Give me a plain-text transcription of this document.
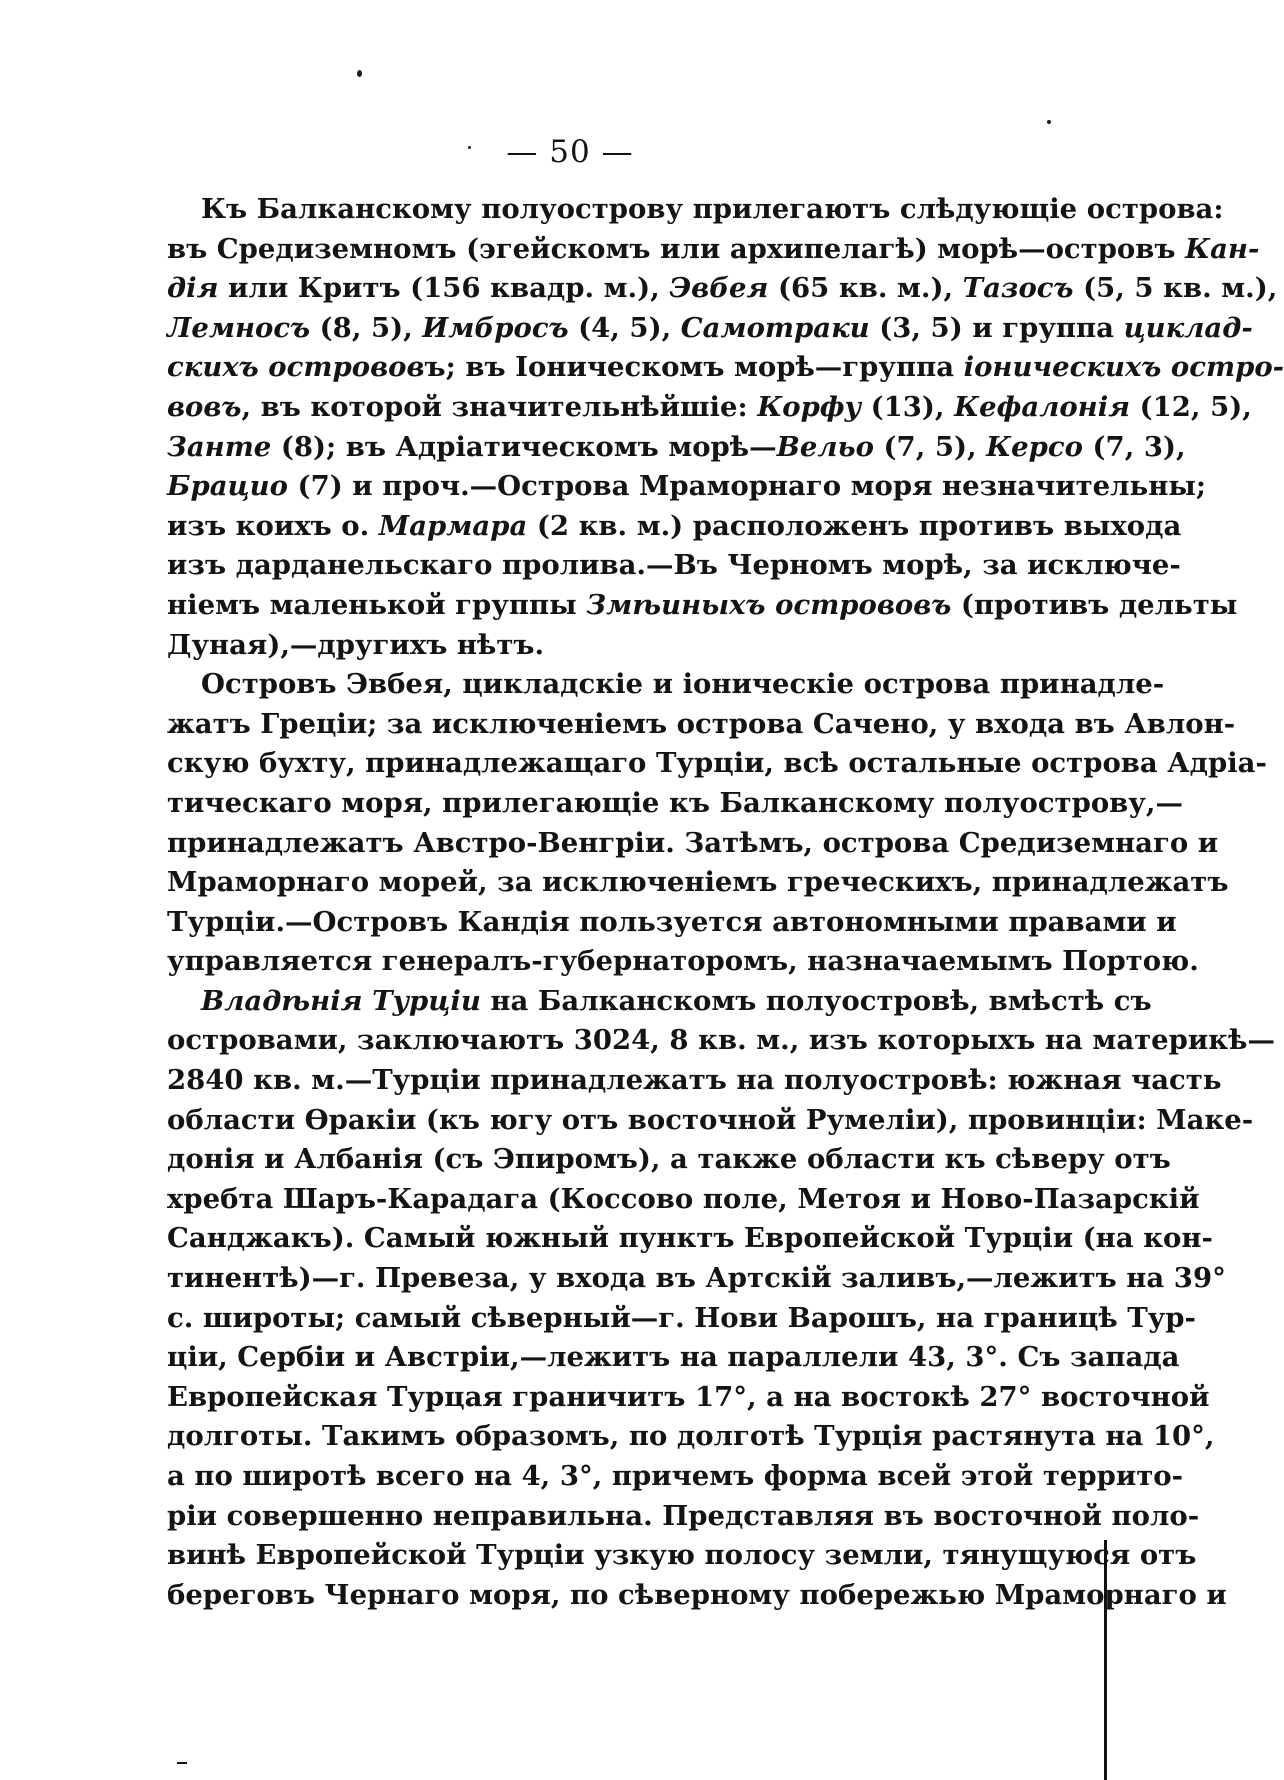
— 50 —
Къ Балканскому полуострову прилегаютъ слѣдующіе острова:
въ Средиземномъ (эгейскомъ или архипелагѣ) морѣ—островъ Кан-
дія или Критъ (156 квадр. м.), Эвбея (65 кв. м.), Тазосъ (5, 5 кв. м.),
Лемносъ (8, 5), Имбросъ (4, 5), Самотраки (3, 5) и группа циклад-
скихъ острововъ; въ Іоническомъ морѣ—группа іоническихъ остро-
вовъ, въ которой значительнѣйшіе: Корфу (13), Кефалонія (12, 5),
Занте (8); въ Адріатическомъ морѣ—Вельо (7, 5), Керсо (7, 3),
Брацио (7) и проч.—Острова Мраморнаго моря незначительны;
изъ коихъ о. Мармара (2 кв. м.) расположенъ противъ выхода
изъ дарданельскаго пролива.—Въ Черномъ морѣ, за исключе-
ніемъ маленькой группы Змѣиныхъ острововъ (противъ дельты
Дуная),—другихъ нѣтъ.
Островъ Эвбея, цикладскіе и іоническіе острова принадле-
жатъ Греціи; за исключеніемъ острова Сачено, у входа въ Авлон-
скую бухту, принадлежащаго Турціи, всѣ остальные острова Адріа-
тическаго моря, прилегающіе къ Балканскому полуострову,—
принадлежатъ Австро-Венгріи. Затѣмъ, острова Средиземнаго и
Мраморнаго морей, за исключеніемъ греческихъ, принадлежатъ
Турціи.—Островъ Кандія пользуется автономными правами и
управляется генералъ-губернаторомъ, назначаемымъ Портою.
Владѣнія Турціи на Балканскомъ полуостровѣ, вмѣстѣ съ
островами, заключаютъ 3024, 8 кв. м., изъ которыхъ на материкѣ—
2840 кв. м.—Турціи принадлежатъ на полуостровѣ: южная часть
области Ѳракіи (къ югу отъ восточной Румеліи), провинціи: Маке-
донія и Албанія (съ Эпиромъ), а также области къ сѣверу отъ
хребта Шаръ-Карадага (Коссово поле, Метоя и Ново-Пазарскій
Санджакъ). Самый южный пунктъ Европейской Турціи (на кон-
тинентѣ)—г. Превеза, у входа въ Артскій заливъ,—лежитъ на 39°
с. широты; самый сѣверный—г. Нови Варошъ, на границѣ Тур-
ціи, Сербіи и Австріи,—лежитъ на параллели 43, 3°. Съ запада
Европейская Турцая граничитъ 17°, а на востокѣ 27° восточной
долготы. Такимъ образомъ, по долготѣ Турція растянута на 10°,
а по широтѣ всего на 4, 3°, причемъ форма всей этой террито-
ріи совершенно неправильна. Представляя въ восточной поло-
винѣ Европейской Турціи узкую полосу земли, тянущуюся отъ
береговъ Чернаго моря, по сѣверному побережью Мраморнаго и
